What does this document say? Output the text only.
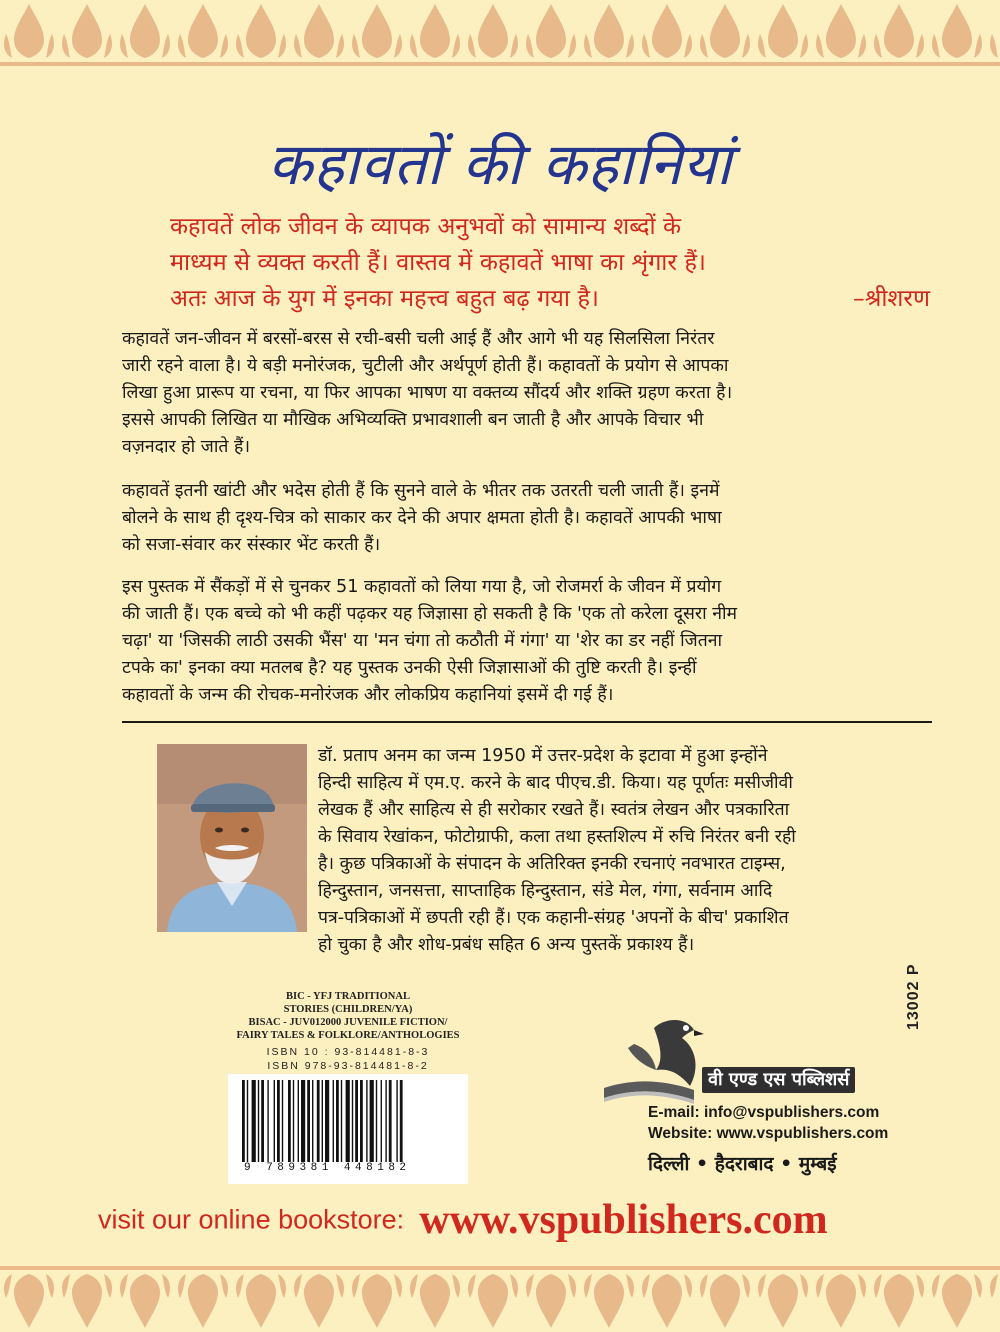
कहावतों की कहानियां
कहावतें लोक जीवन के व्यापक अनुभवों को सामान्य शब्दों के
माध्यम से व्यक्त करती हैं। वास्तव में कहावतें भाषा का शृंगार हैं।
अतः आज के युग में इनका महत्त्व बहुत बढ़ गया है।	–श्रीशरण
कहावतें जन-जीवन में बरसों-बरस से रची-बसी चली आई हैं और आगे भी यह सिलसिला निरंतर
जारी रहने वाला है। ये बड़ी मनोरंजक, चुटीली और अर्थपूर्ण होती हैं। कहावतों के प्रयोग से आपका
लिखा हुआ प्रारूप या रचना, या फिर आपका भाषण या वक्तव्य सौंदर्य और शक्ति ग्रहण करता है।
इससे आपकी लिखित या मौखिक अभिव्यक्ति प्रभावशाली बन जाती है और आपके विचार भी
वज़नदार हो जाते हैं।
कहावतें इतनी खांटी और भदेस होती हैं कि सुनने वाले के भीतर तक उतरती चली जाती हैं। इनमें
बोलने के साथ ही दृश्य-चित्र को साकार कर देने की अपार क्षमता होती है। कहावतें आपकी भाषा
को सजा-संवार कर संस्कार भेंट करती हैं।
इस पुस्तक में सैंकड़ों में से चुनकर 51 कहावतों को लिया गया है, जो रोजमर्रा के जीवन में प्रयोग
की जाती हैं। एक बच्चे को भी कहीं पढ़कर यह जिज्ञासा हो सकती है कि 'एक तो करेला दूसरा नीम
चढ़ा' या 'जिसकी लाठी उसकी भैंस' या 'मन चंगा तो कठौती में गंगा' या 'शेर का डर नहीं जितना
टपके का' इनका क्या मतलब है? यह पुस्तक उनकी ऐसी जिज्ञासाओं की तुष्टि करती है। इन्हीं
कहावतों के जन्म की रोचक-मनोरंजक और लोकप्रिय कहानियां इसमें दी गई हैं।
डॉ. प्रताप अनम का जन्म 1950 में उत्तर-प्रदेश के इटावा में हुआ इन्होंने
हिन्दी साहित्य में एम.ए. करने के बाद पीएच.डी. किया। यह पूर्णतः मसीजीवी
लेखक हैं और साहित्य से ही सरोकार रखते हैं। स्वतंत्र लेखन और पत्रकारिता
के सिवाय रेखांकन, फोटोग्राफी, कला तथा हस्तशिल्प में रुचि निरंतर बनी रही
है। कुछ पत्रिकाओं के संपादन के अतिरिक्त इनकी रचनाएं नवभारत टाइम्स,
हिन्दुस्तान, जनसत्ता, साप्ताहिक हिन्दुस्तान, संडे मेल, गंगा, सर्वनाम आदि
पत्र-पत्रिकाओं में छपती रही हैं। एक कहानी-संग्रह 'अपनों के बीच' प्रकाशित
हो चुका है और शोध-प्रबंध सहित 6 अन्य पुस्तकें प्रकाश्य हैं।
BIC - YFJ TRADITIONAL
STORIES (CHILDREN/YA)
BISAC - JUV012000 JUVENILE FICTION/
FAIRY TALES & FOLKLORE/ANTHOLOGIES
ISBN 10 : 93-814481-8-3
ISBN 978-93-814481-8-2
9 789381 448182
13002 P
वी एण्ड एस पब्लिशर्स
E-mail: info@vspublishers.com
Website: www.vspublishers.com
दिल्ली • हैदराबाद • मुम्बई
visit our online bookstore: www.vspublishers.com
